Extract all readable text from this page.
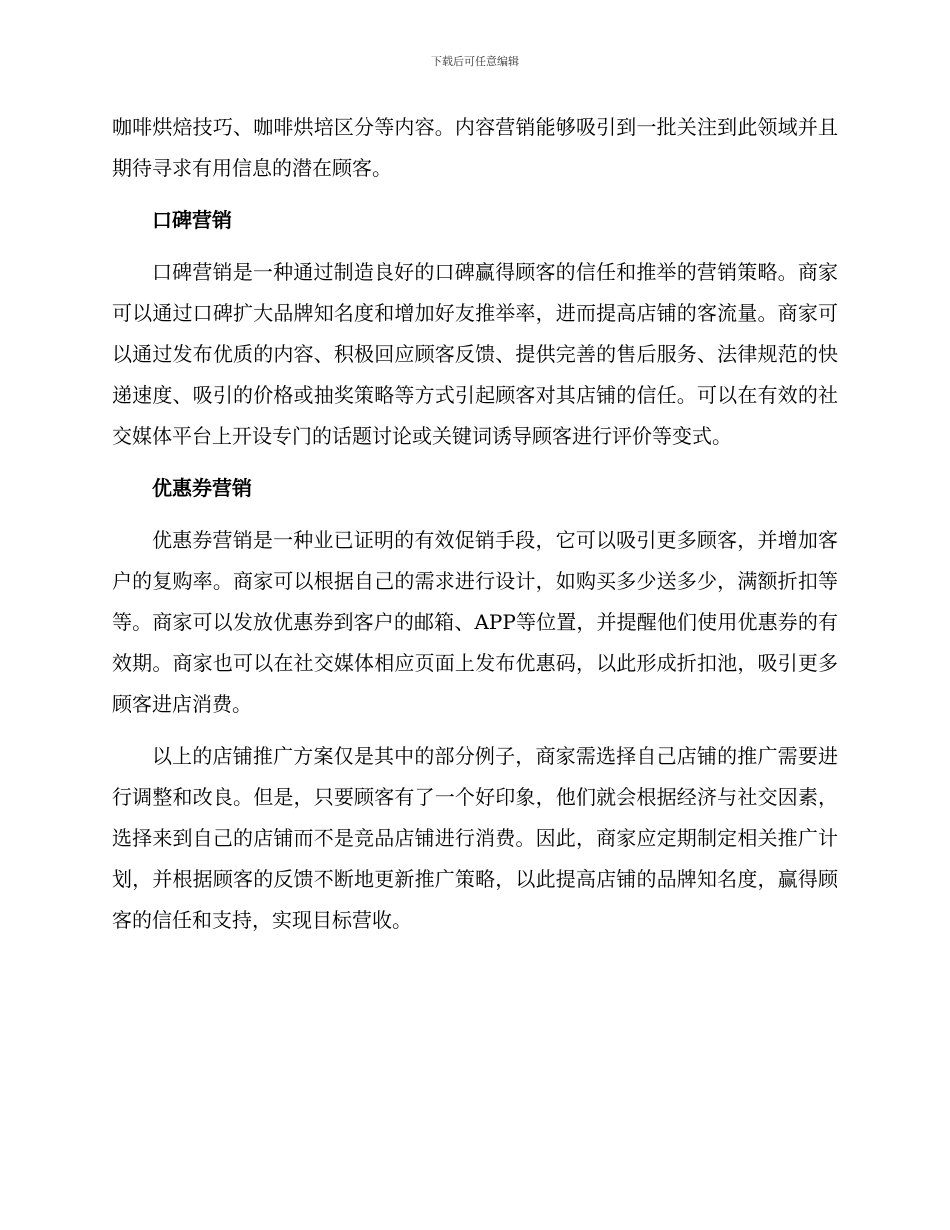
下载后可任意编辑

咖啡烘焙技巧、咖啡烘培区分等内容。内容营销能够吸引到一批关注到此领域并且期待寻求有用信息的潜在顾客。

口碑营销

口碑营销是一种通过制造良好的口碑赢得顾客的信任和推举的营销策略。商家可以通过口碑扩大品牌知名度和增加好友推举率，进而提高店铺的客流量。商家可以通过发布优质的内容、积极回应顾客反馈、提供完善的售后服务、法律规范的快递速度、吸引的价格或抽奖策略等方式引起顾客对其店铺的信任。可以在有效的社交媒体平台上开设专门的话题讨论或关键词诱导顾客进行评价等变式。

优惠券营销

优惠券营销是一种业已证明的有效促销手段，它可以吸引更多顾客，并增加客户的复购率。商家可以根据自己的需求进行设计，如购买多少送多少，满额折扣等等。商家可以发放优惠券到客户的邮箱、APP等位置，并提醒他们使用优惠券的有效期。商家也可以在社交媒体相应页面上发布优惠码，以此形成折扣池，吸引更多顾客进店消费。

以上的店铺推广方案仅是其中的部分例子，商家需选择自己店铺的推广需要进行调整和改良。但是，只要顾客有了一个好印象，他们就会根据经济与社交因素，选择来到自己的店铺而不是竞品店铺进行消费。因此，商家应定期制定相关推广计划，并根据顾客的反馈不断地更新推广策略，以此提高店铺的品牌知名度，赢得顾客的信任和支持，实现目标营收。
